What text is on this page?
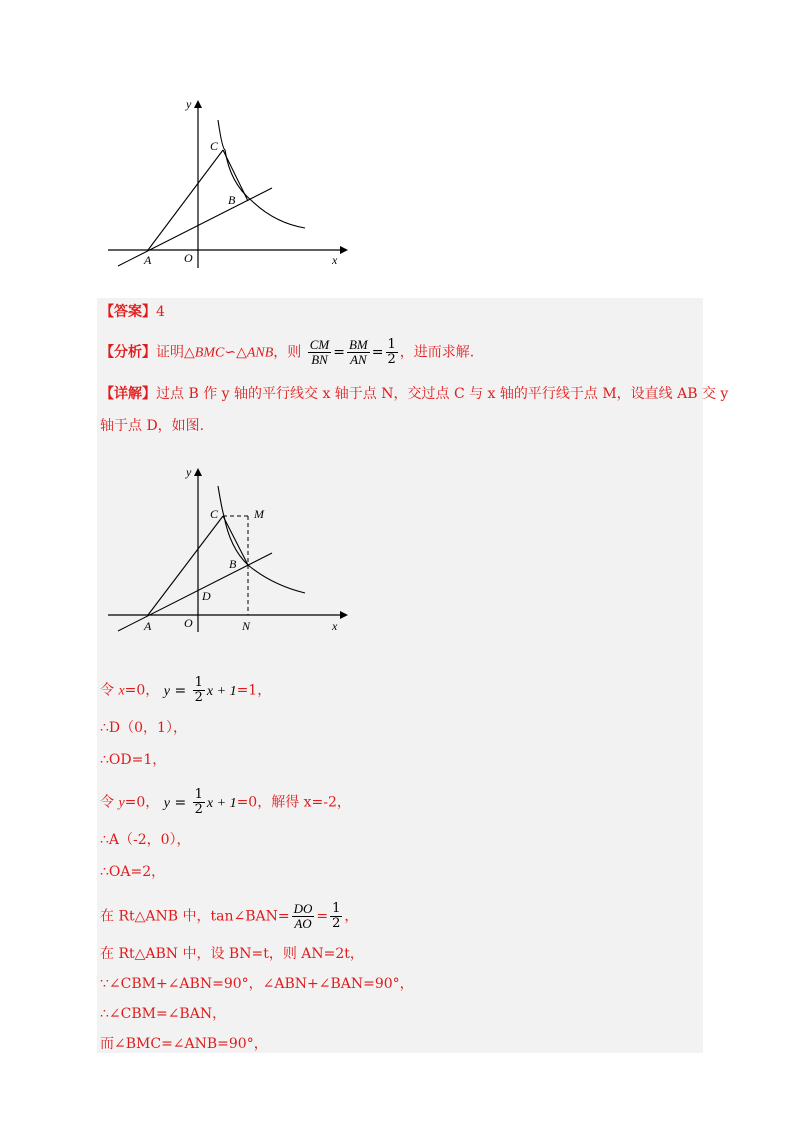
y
x
C
B
A	O
【答案】4
【分析】证明△BMC∽△ANB，则 $\frac{CM}{BN} = \frac{BM}{AN} = \frac{1}{2}$ ，进而求解.
【详解】过点 B 作 y 轴的平行线交 x 轴于点 N，交过点 C 与 x 轴的平行线于点 M，设直线 AB 交 y
轴于点 D，如图.
y
x
C	M
B
D
A	O	N
令 x=0， $y = \frac{1}{2}$ x + 1=1，
∴D（0，1），
∴OD=1，
令 y=0， $y = \frac{1}{2}$ x + 1=0，解得 x=-2，
∴A（-2，0），
∴OA=2，
在 Rt△ANB 中，tan∠BAN= $\frac{DO}{AO} = \frac{1}{2}$ ，
在 Rt△ABN 中，设 BN=t，则 AN=2t，
∵∠CBM+∠ABN=90°，∠ABN+∠BAN=90°，
∴∠CBM=∠BAN，
而∠BMC=∠ANB=90°，
